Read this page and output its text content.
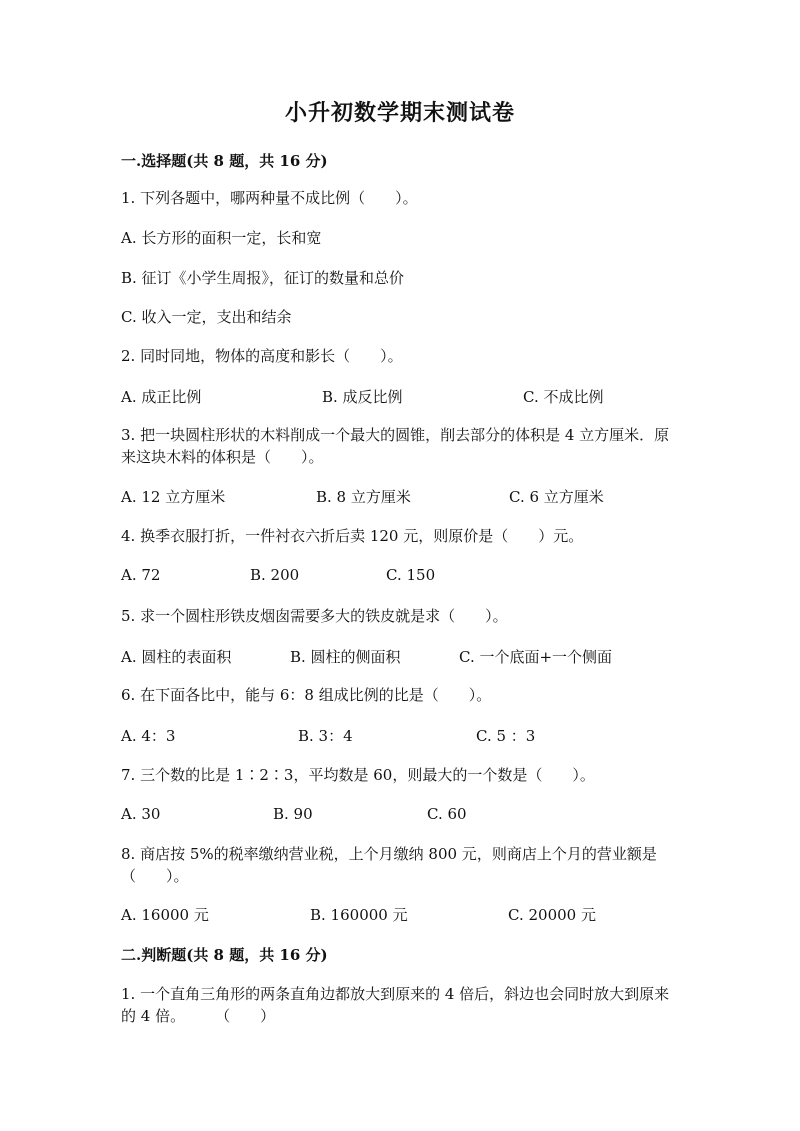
小升初数学期末测试卷
一.选择题(共 8 题，共 16 分)
1. 下列各题中，哪两种量不成比例（　　）。
A. 长方形的面积一定，长和宽
B. 征订《小学生周报》，征订的数量和总价
C. 收入一定，支出和结余
2. 同时同地，物体的高度和影长（　　）。
A. 成正比例	B. 成反比例	C. 不成比例
3. 把一块圆柱形状的木料削成一个最大的圆锥，削去部分的体积是 4 立方厘米．原来这块木料的体积是（　　）。
A. 12 立方厘米	B. 8 立方厘米	C. 6 立方厘米
4. 换季衣服打折，一件衬衣六折后卖 120 元，则原价是（　　）元。
A. 72	B. 200	C. 150
5. 求一个圆柱形铁皮烟囱需要多大的铁皮就是求（　　）。
A. 圆柱的表面积	B. 圆柱的侧面积	C. 一个底面+一个侧面
6. 在下面各比中，能与 6：8 组成比例的比是（　　）。
A. 4：3	B. 3：4	C. 5 ：3
7. 三个数的比是 1∶2∶3，平均数是 60，则最大的一个数是（　　）。
A. 30	B. 90	C. 60
8. 商店按 5%的税率缴纳营业税，上个月缴纳 800 元，则商店上个月的营业额是（　　）。
A. 16000 元	B. 160000 元	C. 20000 元
二.判断题(共 8 题，共 16 分)
1. 一个直角三角形的两条直角边都放大到原来的 4 倍后，斜边也会同时放大到原来的 4 倍。　　　（　　）
